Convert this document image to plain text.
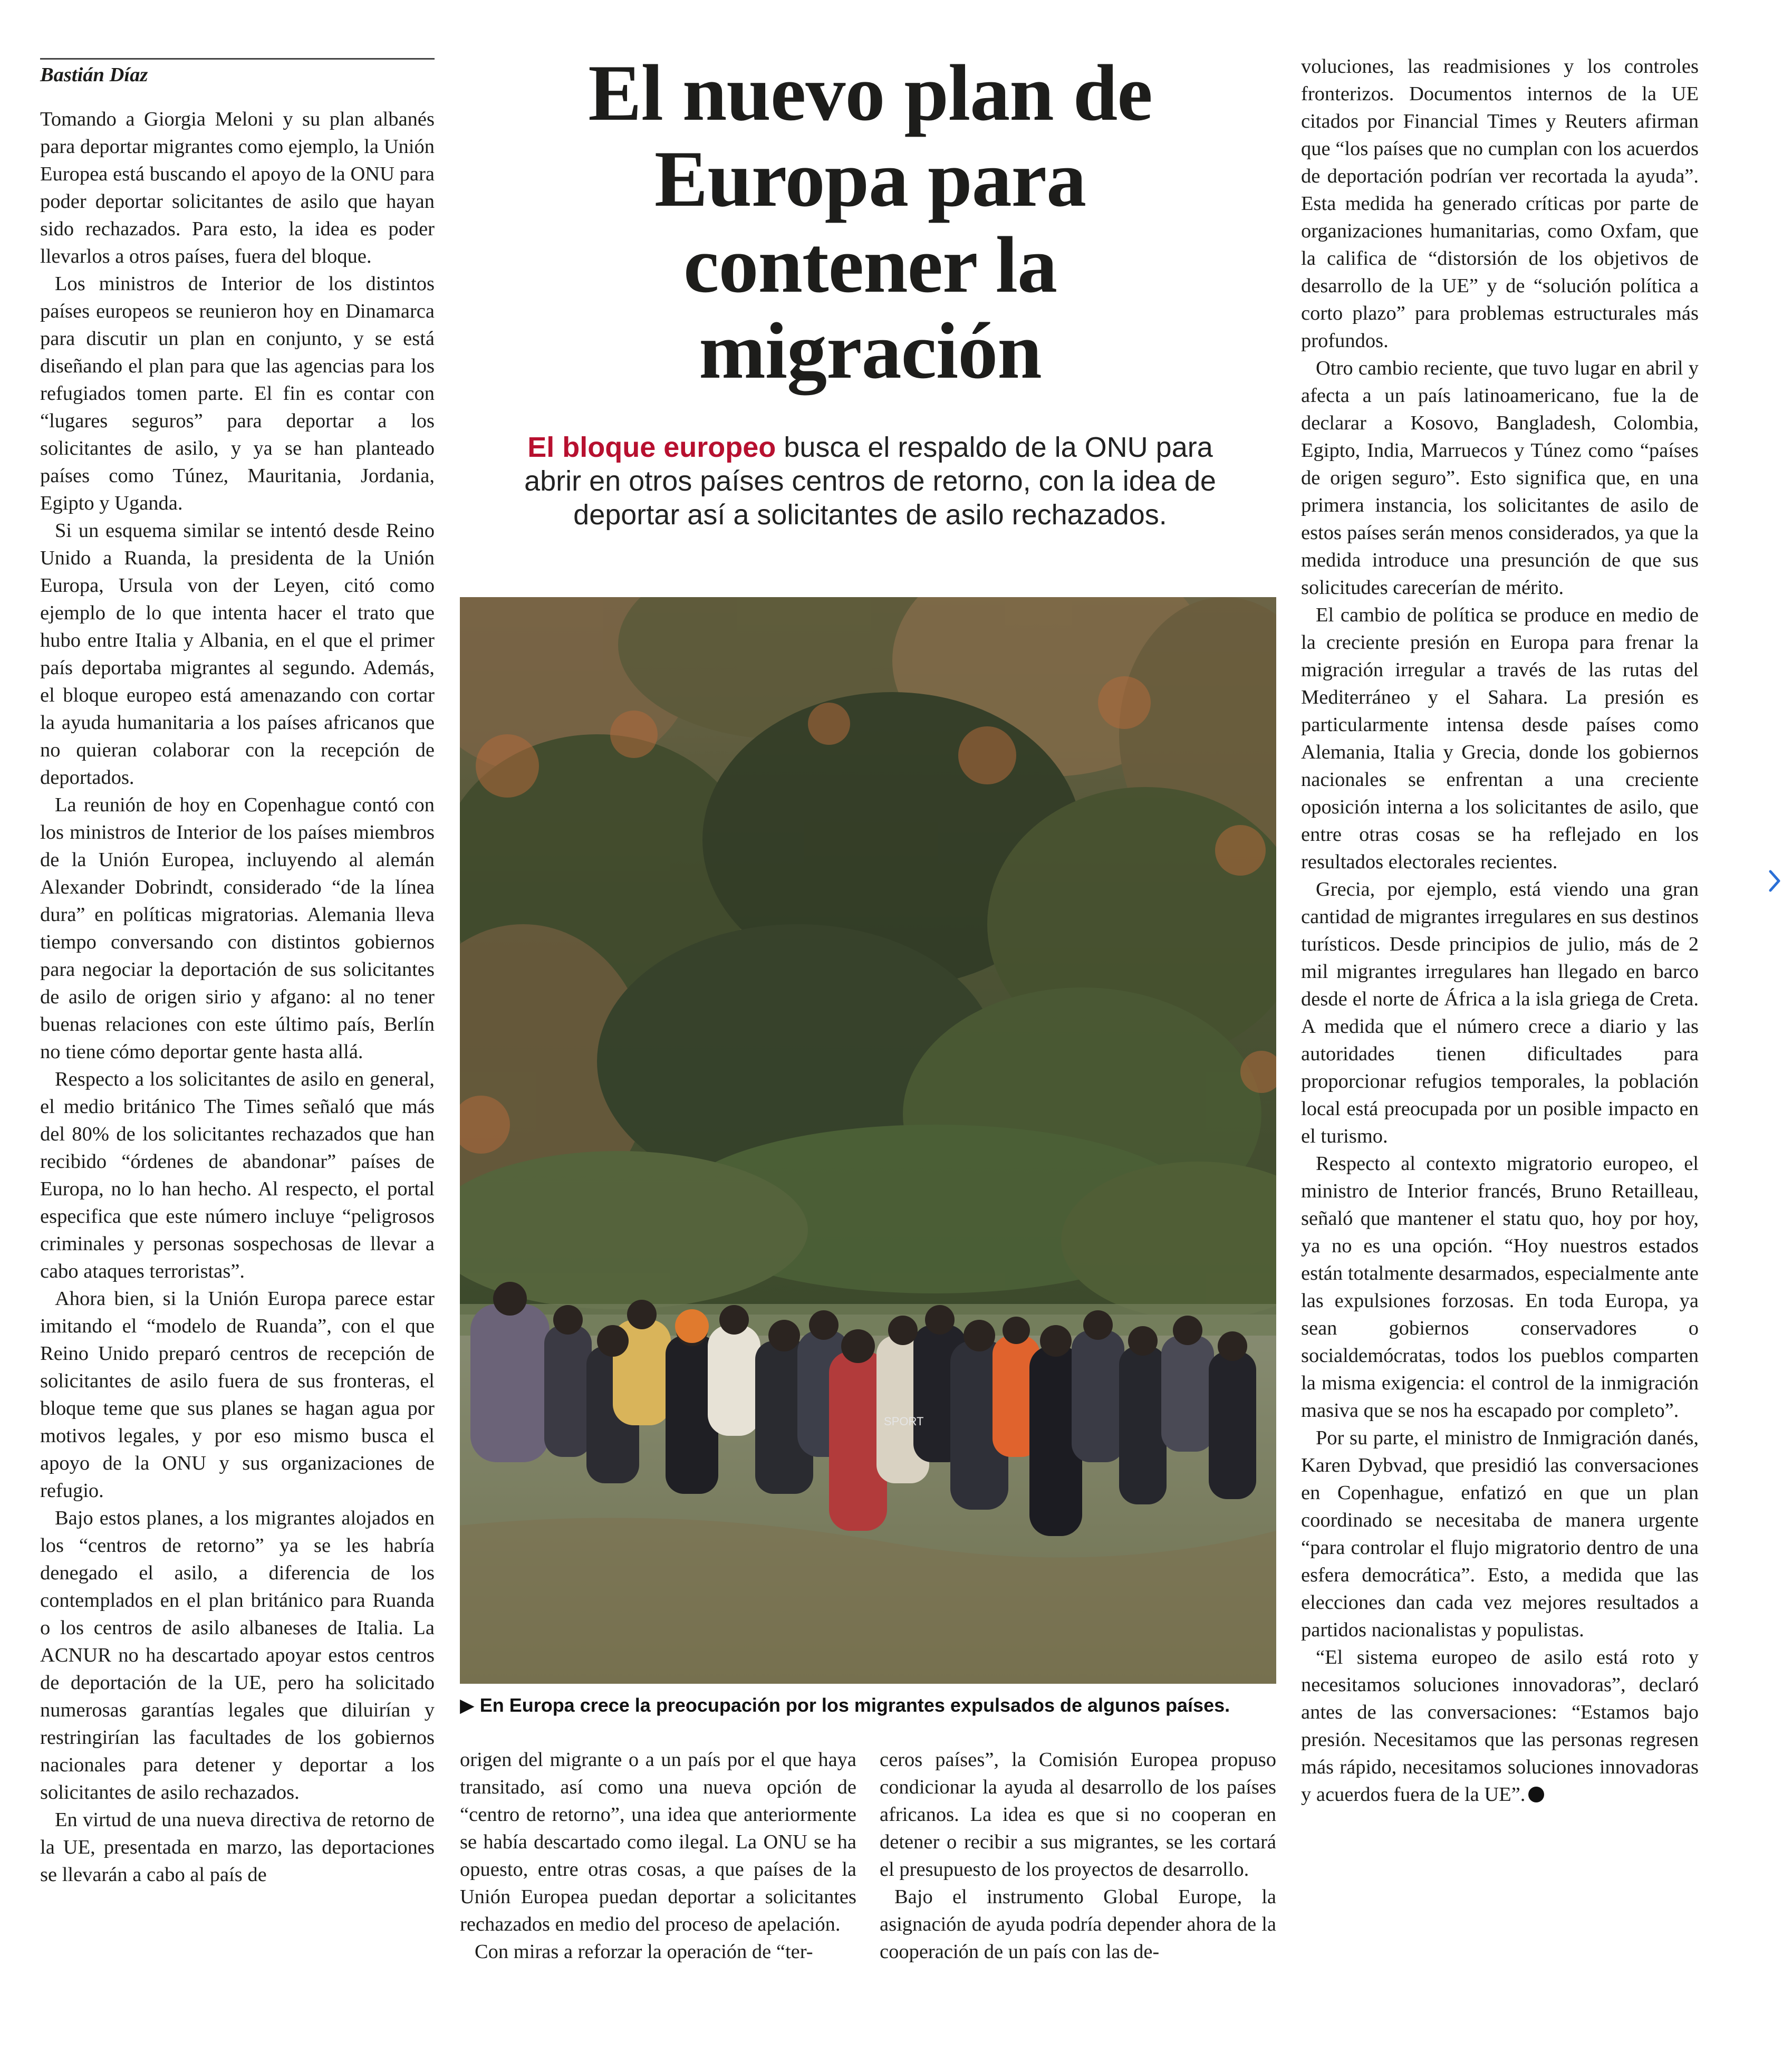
Bastián Díaz	El nuevo plan de Europa para contener la migración

El bloque europeo busca el respaldo de la ONU para abrir en otros países centros de retorno, con la idea de deportar así a solicitantes de asilo rechazados.

Tomando a Giorgia Meloni y su plan albanés para deportar migrantes como ejemplo, la Unión Europea está buscando el apoyo de la ONU para poder deportar solicitantes de asilo que hayan sido rechazados. Para esto, la idea es poder llevarlos a otros países, fuera del bloque.

Los ministros de Interior de los distintos países europeos se reunieron hoy en Dinamarca para discutir un plan en conjunto, y se está diseñando el plan para que las agencias para los refugiados tomen parte. El fin es contar con “lugares seguros” para deportar a los solicitantes de asilo, y ya se han planteado países como Túnez, Mauritania, Jordania, Egipto y Uganda.

Si un esquema similar se intentó desde Reino Unido a Ruanda, la presidenta de la Unión Europa, Ursula von der Leyen, citó como ejemplo de lo que intenta hacer el trato que hubo entre Italia y Albania, en el que el primer país deportaba migrantes al segundo. Además, el bloque europeo está amenazando con cortar la ayuda humanitaria a los países africanos que no quieran colaborar con la recepción de deportados.

La reunión de hoy en Copenhague contó con los ministros de Interior de los países miembros de la Unión Europea, incluyendo al alemán Alexander Dobrindt, considerado “de la línea dura” en políticas migratorias. Alemania lleva tiempo conversando con distintos gobiernos para negociar la deportación de sus solicitantes de asilo de origen sirio y afgano: al no tener buenas relaciones con este último país, Berlín no tiene cómo deportar gente hasta allá.

Respecto a los solicitantes de asilo en general, el medio británico The Times señaló que más del 80% de los solicitantes rechazados que han recibido “órdenes de abandonar” países de Europa, no lo han hecho. Al respecto, el portal especifica que este número incluye “peligrosos criminales y personas sospechosas de llevar a cabo ataques terroristas”.

Ahora bien, si la Unión Europa parece estar imitando el “modelo de Ruanda”, con el que Reino Unido preparó centros de recepción de solicitantes de asilo fuera de sus fronteras, el bloque teme que sus planes se hagan agua por motivos legales, y por eso mismo busca el apoyo de la ONU y sus organizaciones de refugio.

Bajo estos planes, a los migrantes alojados en los “centros de retorno” ya se les habría denegado el asilo, a diferencia de los contemplados en el plan británico para Ruanda o los centros de asilo albaneses de Italia. La ACNUR no ha descartado apoyar estos centros de deportación de la UE, pero ha solicitado numerosas garantías legales que diluirían y restringirían las facultades de los gobiernos nacionales para detener y deportar a los solicitantes de asilo rechazados.

En virtud de una nueva directiva de retorno de la UE, presentada en marzo, las deportaciones se llevarán a cabo al país de

SPORT
▶ En Europa crece la preocupación por los migrantes expulsados de algunos países.

origen del migrante o a un país por el que haya transitado, así como una nueva opción de “centro de retorno”, una idea que anteriormente se había descartado como ilegal. La ONU se ha opuesto, entre otras cosas, a que países de la Unión Europea puedan deportar a solicitantes rechazados en medio del proceso de apelación.

Con miras a reforzar la operación de “ter-

ceros países”, la Comisión Europea propuso condicionar la ayuda al desarrollo de los países africanos. La idea es que si no cooperan en detener o recibir a sus migrantes, se les cortará el presupuesto de los proyectos de desarrollo.

Bajo el instrumento Global Europe, la asignación de ayuda podría depender ahora de la cooperación de un país con las de-

voluciones, las readmisiones y los controles fronterizos. Documentos internos de la UE citados por Financial Times y Reuters afirman que “los países que no cumplan con los acuerdos de deportación podrían ver recortada la ayuda”. Esta medida ha generado críticas por parte de organizaciones humanitarias, como Oxfam, que la califica de “distorsión de los objetivos de desarrollo de la UE” y de “solución política a corto plazo” para problemas estructurales más profundos.

Otro cambio reciente, que tuvo lugar en abril y afecta a un país latinoamericano, fue la de declarar a Kosovo, Bangladesh, Colombia, Egipto, India, Marruecos y Túnez como “países de origen seguro”. Esto significa que, en una primera instancia, los solicitantes de asilo de estos países serán menos considerados, ya que la medida introduce una presunción de que sus solicitudes carecerían de mérito.

El cambio de política se produce en medio de la creciente presión en Europa para frenar la migración irregular a través de las rutas del Mediterráneo y el Sahara. La presión es particularmente intensa desde países como Alemania, Italia y Grecia, donde los gobiernos nacionales se enfrentan a una creciente oposición interna a los solicitantes de asilo, que entre otras cosas se ha reflejado en los resultados electorales recientes.

Grecia, por ejemplo, está viendo una gran cantidad de migrantes irregulares en sus destinos turísticos. Desde principios de julio, más de 2 mil migrantes irregulares han llegado en barco desde el norte de África a la isla griega de Creta. A medida que el número crece a diario y las autoridades tienen dificultades para proporcionar refugios temporales, la población local está preocupada por un posible impacto en el turismo.

Respecto al contexto migratorio europeo, el ministro de Interior francés, Bruno Retailleau, señaló que mantener el statu quo, hoy por hoy, ya no es una opción. “Hoy nuestros estados están totalmente desarmados, especialmente ante las expulsiones forzosas. En toda Europa, ya sean gobiernos conservadores o socialdemócratas, todos los pueblos comparten la misma exigencia: el control de la inmigración masiva que se nos ha escapado por completo”.

Por su parte, el ministro de Inmigración danés, Karen Dybvad, que presidió las conversaciones en Copenhague, enfatizó en que un plan coordinado se necesitaba de manera urgente “para controlar el flujo migratorio dentro de una esfera democrática”. Esto, a medida que las elecciones dan cada vez mejores resultados a partidos nacionalistas y populistas.

“El sistema europeo de asilo está roto y necesitamos soluciones innovadoras”, declaró antes de las conversaciones: “Estamos bajo presión. Necesitamos que las personas regresen más rápido, necesitamos soluciones innovadoras y acuerdos fuera de la UE”.
